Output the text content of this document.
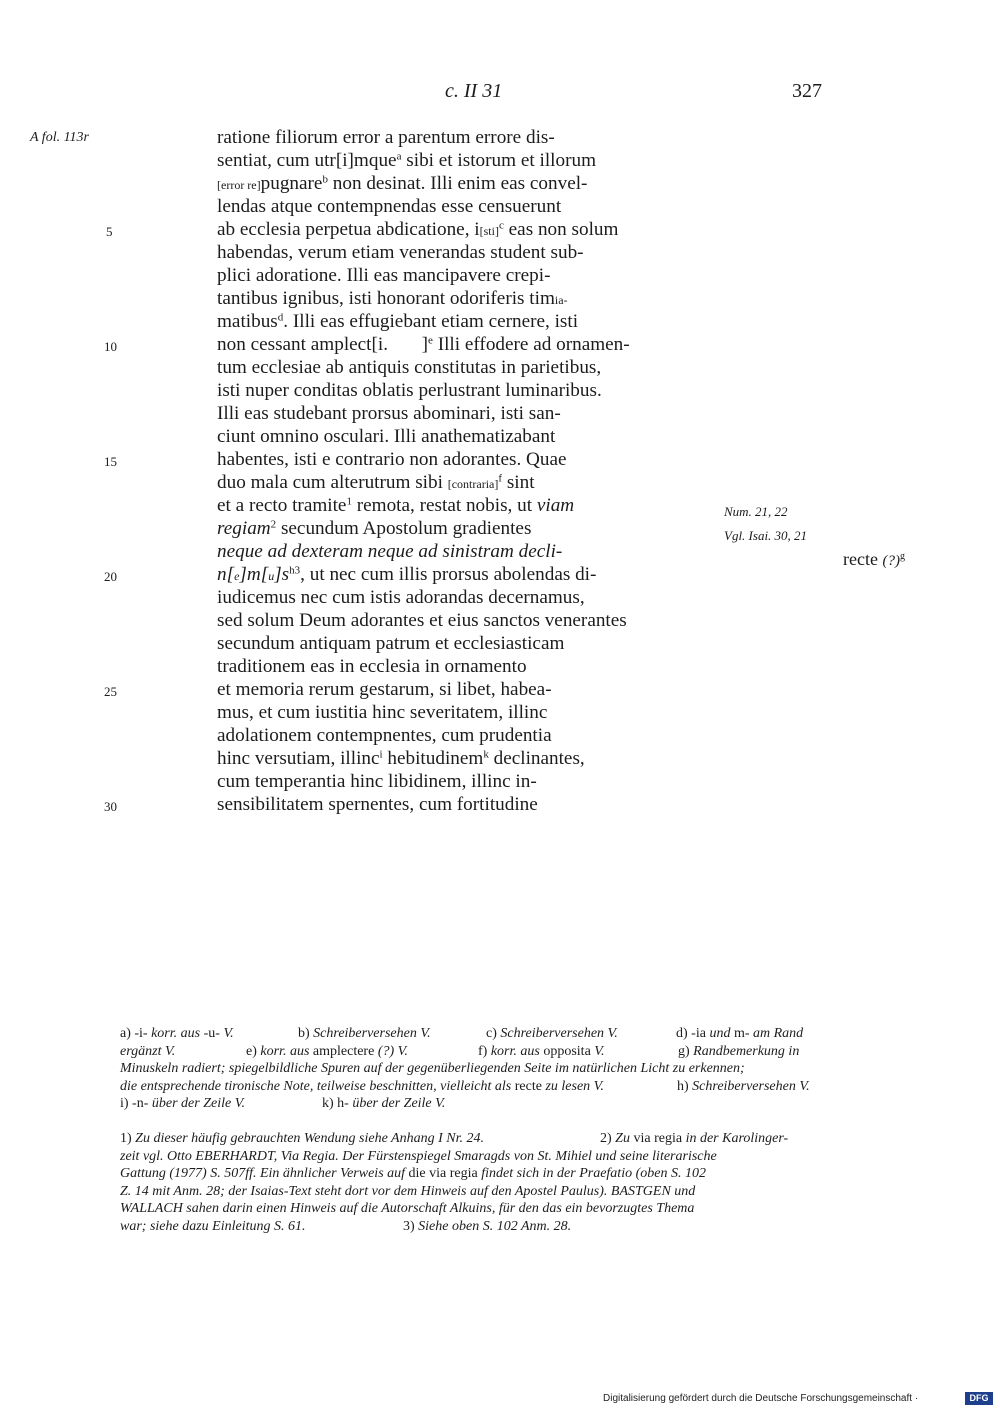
c. II 31	327
A fol. 113r
5
10
15
20
25
30
ratione filiorum error a parentum errore dis-
sentiat, cum utr[i]mque$^a$ sibi et istorum et illorum
[error re]pugnare$^b$ non desinat. Illi enim eas convel-
lendas atque contempnendas esse censuerunt
ab ecclesia perpetua abdicatione, i[sti]$^c$ eas non solum
habendas, verum etiam venerandas student sub-
plici adoratione. Illi eas mancipavere crepi-
tantibus ignibus, isti honorant odoriferis timia-
matibus$^d$. Illi eas effugiebant etiam cernere, isti
non cessant amplect[i.       ]$^e$ Illi effodere ad ornamen-
tum ecclesiae ab antiquis constitutas in parietibus,
isti nuper conditas oblatis perlustrant luminaribus.
Illi eas studebant prorsus abominari, isti san-
ciunt omnino osculari. Illi anathematizabant
habentes, isti e contrario non adorantes. Quae
duo mala cum alterutrum sibi [contraria]$^f$ sint
et a recto tramite$^1$ remota, restat nobis, ut viam
regiam$^2$ secundum Apostolum gradientes
neque ad dexteram neque ad sinistram decli-
$n[e]m[u]s^{h3}$, ut nec cum illis prorsus abolendas di-
iudicemus nec cum istis adorandas decernamus,
sed solum Deum adorantes et eius sanctos venerantes
secundum antiquam patrum et ecclesiasticam
traditionem eas in ecclesia in ornamento
et memoria rerum gestarum, si libet, habea-
mus, et cum iustitia hinc severitatem, illinc
adolationem contempnentes, cum prudentia
hinc versutiam, illinc$^i$ hebitudinem$^k$ declinantes,
cum temperantia hinc libidinem, illinc in-
sensibilitatem spernentes, cum fortitudine
Num. 21, 22
Vgl. Isai. 30, 21
recte (?)$^g$
a) -i- korr. aus -u- V.	b) Schreiberversehen V.	c) Schreiberversehen V.	d) -ia und m- am Rand
ergänzt V.	e) korr. aus amplectere (?) V.	f) korr. aus opposita V.	g) Randbemerkung in
Minuskeln radiert; spiegelbildliche Spuren auf der gegenüberliegenden Seite im natürlichen Licht zu erkennen;
die entsprechende tironische Note, teilweise beschnitten, vielleicht als recte zu lesen V.	h) Schreiberversehen V.
i) -n- über der Zeile V.	k) h- über der Zeile V.
1) Zu dieser häufig gebrauchten Wendung siehe Anhang I Nr. 24.	2) Zu via regia in der Karolinger-
zeit vgl. Otto EBERHARDT, Via Regia. Der Fürstenspiegel Smaragds von St. Mihiel und seine literarische
Gattung (1977) S. 507ff. Ein ähnlicher Verweis auf die via regia findet sich in der Praefatio (oben S. 102
Z. 14 mit Anm. 28; der Isaias-Text steht dort vor dem Hinweis auf den Apostel Paulus). BASTGEN und
WALLACH sahen darin einen Hinweis auf die Autorschaft Alkuins, für den das ein bevorzugtes Thema
war; siehe dazu Einleitung S. 61.	3) Siehe oben S. 102 Anm. 28.
Digitalisierung gefördert durch die Deutsche Forschungsgemeinschaft ·	DFG
